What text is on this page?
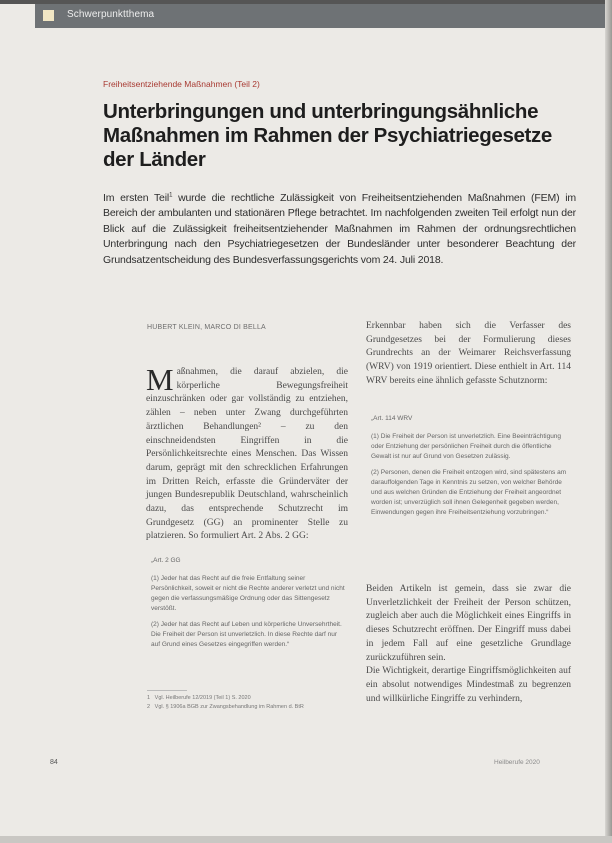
Schwerpunktthema
Freiheitsentziehende Maßnahmen (Teil 2)
Unterbringungen und unterbringungsähnliche Maßnahmen im Rahmen der Psychiatriegesetze der Länder

Im ersten Teil$^1$ wurde die rechtliche Zulässigkeit von Freiheitsentziehenden Maßnahmen (FEM) im Bereich der ambulanten und stationären Pflege betrachtet. Im nachfolgenden zweiten Teil erfolgt nun der Blick auf die Zulässigkeit freiheitsentziehender Maßnahmen im Rahmen der ordnungsrechtlichen Unterbringung nach den Psychiatriegesetzen der Bundesländer unter besonderer Beachtung der Grundsatzentscheidung des Bundesverfassungsgerichts vom 24. Juli 2018.

HUBERT KLEIN, MARCO DI BELLA

Maßnahmen, die darauf abzielen, die körperliche Bewegungsfreiheit einzuschränken oder gar vollständig zu entziehen, zählen – neben unter Zwang durchgeführten ärztlichen Behandlungen² – zu den einschneidendsten Eingriffen in die Persönlichkeitsrechte eines Menschen. Das Wissen darum, geprägt mit den schrecklichen Erfahrungen im Dritten Reich, erfasste die Gründerväter der jungen Bundesrepublik Deutschland, wahrscheinlich dazu, das entsprechende Schutzrecht im Grundgesetz (GG) an prominenter Stelle zu platzieren. So formuliert Art. 2 Abs. 2 GG:

„Art. 2 GG

(1) Jeder hat das Recht auf die freie Entfaltung seiner Persönlichkeit, soweit er nicht die Rechte anderer verletzt und nicht gegen die verfassungsmäßige Ordnung oder das Sittengesetz verstößt.

(2) Jeder hat das Recht auf Leben und körperliche Unversehrtheit. Die Freiheit der Person ist unverletzlich. In diese Rechte darf nur auf Grund eines Gesetzes eingegriffen werden.“

1 Vgl. Heilberufe 12/2019 (Teil 1) S. 2020
2 Vgl. § 1906a BGB zur Zwangsbehandlung im Rahmen d. BtR

Erkennbar haben sich die Verfasser des Grundgesetzes bei der Formulierung dieses Grundrechts an der Weimarer Reichsverfassung (WRV) von 1919 orientiert. Diese enthielt in Art. 114 WRV bereits eine ähnlich gefasste Schutznorm:

„Art. 114 WRV

(1) Die Freiheit der Person ist unverletzlich. Eine Beeinträchtigung oder Entziehung der persönlichen Freiheit durch die öffentliche Gewalt ist nur auf Grund von Gesetzen zulässig.

(2) Personen, denen die Freiheit entzogen wird, sind spätestens am darauffolgenden Tage in Kenntnis zu setzen, von welcher Behörde und aus welchen Gründen die Entziehung der Freiheit angeordnet worden ist; unverzüglich soll ihnen Gelegenheit gegeben werden, Einwendungen gegen ihre Freiheitsentziehung vorzubringen.“

Beiden Artikeln ist gemein, dass sie zwar die Unverletzlichkeit der Freiheit der Person schützen, zugleich aber auch die Möglichkeit eines Eingriffs in dieses Schutzrecht eröffnen. Der Eingriff muss dabei in jedem Fall auf eine gesetzliche Grundlage zurückzuführen sein.
Die Wichtigkeit, derartige Eingriffsmöglichkeiten auf ein absolut notwendiges Mindestmaß zu begrenzen und willkürliche Eingriffe zu verhindern,

84	Heilberufe 2020
